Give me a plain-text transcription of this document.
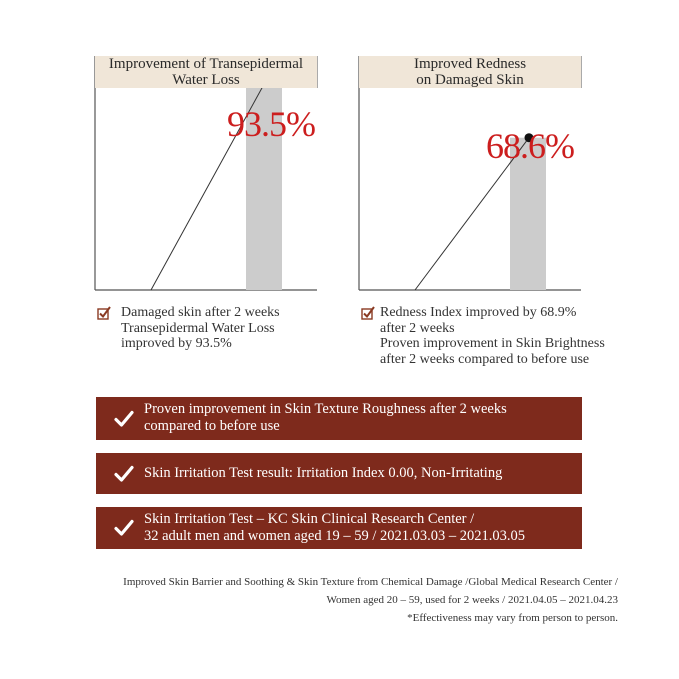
Improvement of Transepidermal
Water Loss
93.5%
Damaged skin after 2 weeks
Transepidermal Water Loss
improved by 93.5%
Improved Redness
on Damaged Skin
68.6%
Redness Index improved by 68.9%
after 2 weeks
Proven improvement in Skin Brightness
after 2 weeks compared to before use
Proven improvement in Skin Texture Roughness after 2 weeks
compared to before use
Skin Irritation Test result: Irritation Index 0.00, Non-Irritating
Skin Irritation Test – KC Skin Clinical Research Center /
32 adult men and women aged 19 – 59 / 2021.03.03 – 2021.03.05
Improved Skin Barrier and Soothing & Skin Texture from Chemical Damage /Global Medical Research Center /
Women aged 20 – 59, used for 2 weeks / 2021.04.05 – 2021.04.23
*Effectiveness may vary from person to person.
